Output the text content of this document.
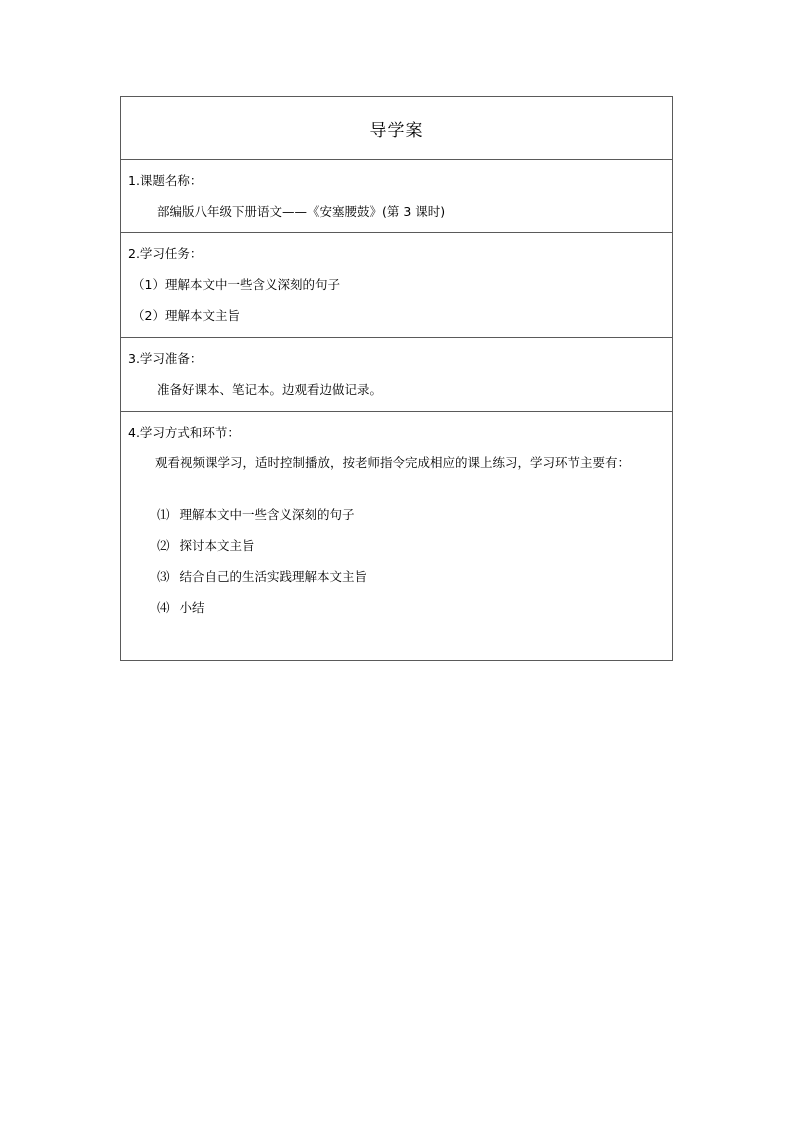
导学案
1.课题名称：
部编版八年级下册语文——《安塞腰鼓》(第 3 课时)
2.学习任务：
（1）理解本文中一些含义深刻的句子
（2）理解本文主旨
3.学习准备：
准备好课本、笔记本。边观看边做记录。
4.学习方式和环节：
观看视频课学习，适时控制播放，按老师指令完成相应的课上练习，学习环节主要有：
⑴ 理解本文中一些含义深刻的句子
⑵ 探讨本文主旨
⑶ 结合自己的生活实践理解本文主旨
⑷ 小结
